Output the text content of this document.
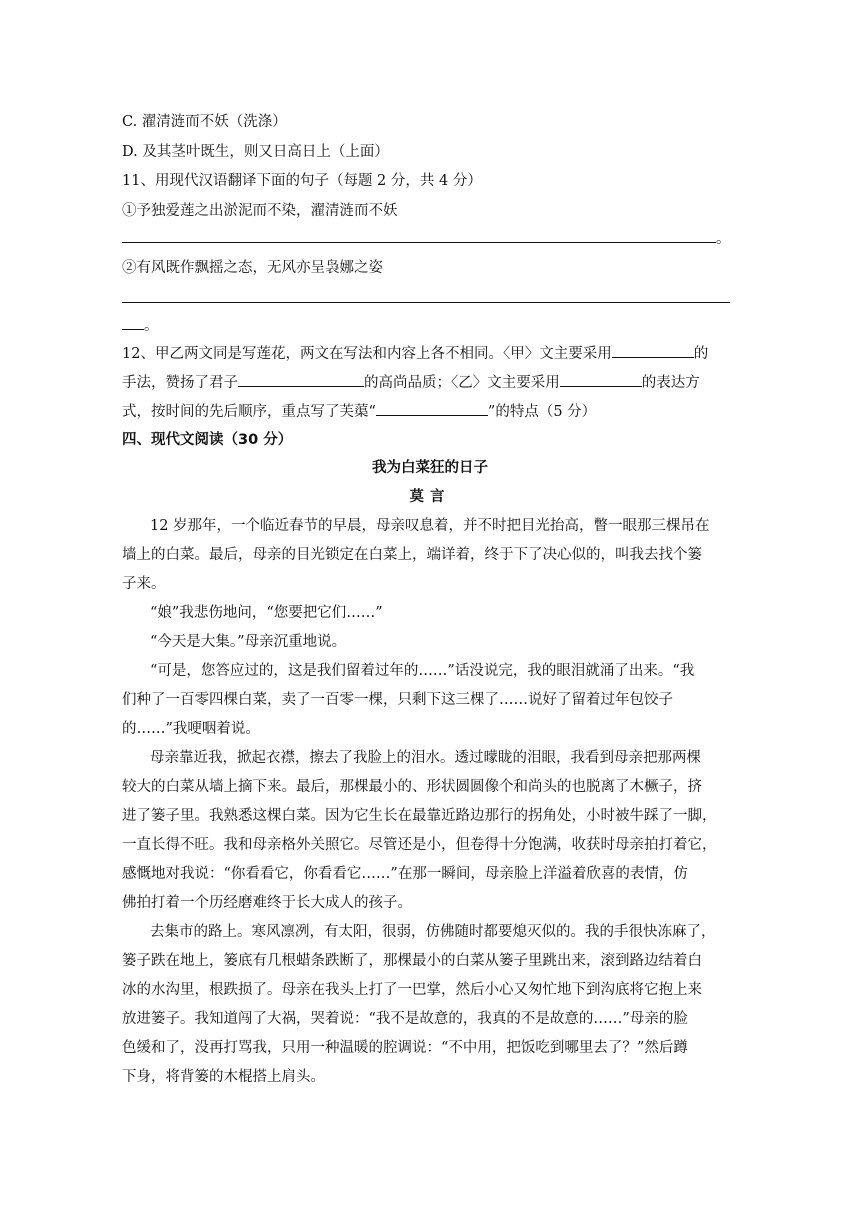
C. 濯清涟而不妖（洗涤）
D. 及其茎叶既生，则又日高日上（上面）
11、用现代汉语翻译下面的句子（每题 2 分，共 4 分）
①予独爱莲之出淤泥而不染，濯清涟而不妖
。
②有风既作飘摇之态，无风亦呈袅娜之姿
。
12、甲乙两文同是写莲花，两文在写法和内容上各不相同。〈甲〉文主要采用	的
手法，赞扬了君子	的高尚品质；〈乙〉文主要采用	的表达方
式，按时间的先后顺序，重点写了芙蕖“	”的特点（5 分）
四、现代文阅读（30 分）
我为白菜狂的日子
莫言
12 岁那年，一个临近春节的早晨，母亲叹息着，并不时把目光抬高，瞥一眼那三棵吊在
墙上的白菜。最后，母亲的目光锁定在白菜上，端详着，终于下了决心似的，叫我去找个篓
子来。
“娘”我悲伤地问，“您要把它们……”
“今天是大集。”母亲沉重地说。
“可是，您答应过的，这是我们留着过年的……”话没说完，我的眼泪就涌了出来。“我
们种了一百零四棵白菜，卖了一百零一棵，只剩下这三棵了……说好了留着过年包饺子
的……”我哽咽着说。
母亲靠近我，掀起衣襟，擦去了我脸上的泪水。透过曚眬的泪眼，我看到母亲把那两棵
较大的白菜从墙上摘下来。最后，那棵最小的、形状圆圆像个和尚头的也脱离了木橛子，挤
进了篓子里。我熟悉这棵白菜。因为它生长在最靠近路边那行的拐角处，小时被牛踩了一脚，
一直长得不旺。我和母亲格外关照它。尽管还是小，但卷得十分饱满，收获时母亲拍打着它，
感慨地对我说：“你看看它，你看看它……”在那一瞬间，母亲脸上洋溢着欣喜的表情，仿
佛拍打着一个历经磨难终于长大成人的孩子。
去集市的路上。寒风凛冽，有太阳，很弱，仿佛随时都要熄灭似的。我的手很快冻麻了，
篓子跌在地上，篓底有几根蜡条跌断了，那棵最小的白菜从篓子里跳出来，滚到路边结着白
冰的水沟里，根跌损了。母亲在我头上打了一巴掌，然后小心又匆忙地下到沟底将它抱上来
放进篓子。我知道闯了大祸，哭着说：“我不是故意的，我真的不是故意的……”母亲的脸
色缓和了，没再打骂我，只用一种温暖的腔调说：“不中用，把饭吃到哪里去了？”然后蹲
下身，将背篓的木棍搭上肩头。
